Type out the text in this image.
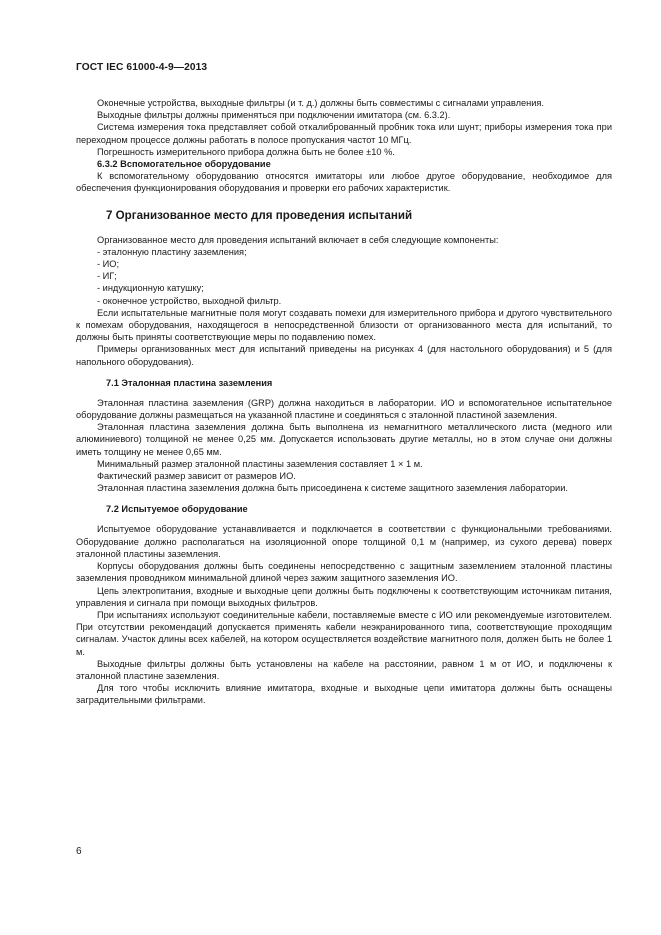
ГОСТ IEC 61000-4-9—2013

Оконечные устройства, выходные фильтры (и т. д.) должны быть совместимы с сигналами управления.

Выходные фильтры должны применяться при подключении имитатора (см. 6.3.2).

Система измерения тока представляет собой откалиброванный пробник тока или шунт; приборы измерения тока при переходном процессе должны работать в полосе пропускания частот 10 МГц.

Погрешность измерительного прибора должна быть не более ±10 %.

6.3.2 Вспомогательное оборудование

К вспомогательному оборудованию относятся имитаторы или любое другое оборудование, необходимое для обеспечения функционирования оборудования и проверки его рабочих характеристик.

7 Организованное место для проведения испытаний

Организованное место для проведения испытаний включает в себя следующие компоненты:

- эталонную пластину заземления;

- ИО;

- ИГ;

- индукционную катушку;

- оконечное устройство, выходной фильтр.

Если испытательные магнитные поля могут создавать помехи для измерительного прибора и другого чувствительного к помехам оборудования, находящегося в непосредственной близости от организованного места для испытаний, то должны быть приняты соответствующие меры по подавлению помех.

Примеры организованных мест для испытаний приведены на рисунках 4 (для настольного оборудования) и 5 (для напольного оборудования).

7.1 Эталонная пластина заземления

Эталонная пластина заземления (GRP) должна находиться в лаборатории. ИО и вспомогательное испытательное оборудование должны размещаться на указанной пластине и соединяться с эталонной пластиной заземления.

Эталонная пластина заземления должна быть выполнена из немагнитного металлического листа (медного или алюминиевого) толщиной не менее 0,25 мм. Допускается использовать другие металлы, но в этом случае они должны иметь толщину не менее 0,65 мм.

Минимальный размер эталонной пластины заземления составляет 1 × 1 м.

Фактический размер зависит от размеров ИО.

Эталонная пластина заземления должна быть присоединена к системе защитного заземления лаборатории.

7.2 Испытуемое оборудование

Испытуемое оборудование устанавливается и подключается в соответствии с функциональными требованиями. Оборудование должно располагаться на изоляционной опоре толщиной 0,1 м (например, из сухого дерева) поверх эталонной пластины заземления.

Корпусы оборудования должны быть соединены непосредственно с защитным заземлением эталонной пластины заземления проводником минимальной длиной через зажим защитного заземления ИО.

Цепь электропитания, входные и выходные цепи должны быть подключены к соответствующим источникам питания, управления и сигнала при помощи выходных фильтров.

При испытаниях используют соединительные кабели, поставляемые вместе с ИО или рекомендуемые изготовителем. При отсутствии рекомендаций допускается применять кабели неэкранированного типа, соответствующие проходящим сигналам. Участок длины всех кабелей, на котором осуществляется воздействие магнитного поля, должен быть не более 1 м.

Выходные фильтры должны быть установлены на кабеле на расстоянии, равном 1 м от ИО, и подключены к эталонной пластине заземления.

Для того чтобы исключить влияние имитатора, входные и выходные цепи имитатора должны быть оснащены заградительными фильтрами.

6
